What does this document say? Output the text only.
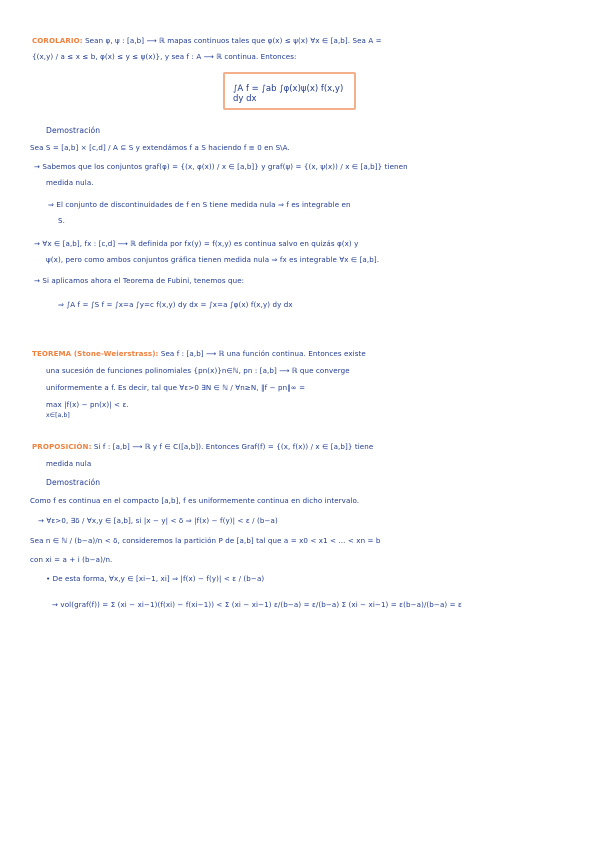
COROLARIO: Sean φ, ψ : [a,b] ⟶ ℝ mapas continuos tales que φ(x) ≤ ψ(x) ∀x ∈ [a,b]. Sea A =
{(x,y) / a ≤ x ≤ b, φ(x) ≤ y ≤ ψ(x)}, y sea f : A ⟶ ℝ continua. Entonces:
∫A f = ∫ab ∫φ(x)ψ(x) f(x,y) dy dx
Demostración
Sea S = [a,b] × [c,d] / A ⊆ S y extendámos f a S haciendo f ≡ 0 en S\A.
→ Sabemos que los conjuntos graf(φ) = {(x, φ(x)) / x ∈ [a,b]} y graf(ψ) = {(x, ψ(x)) / x ∈ [a,b]} tienen
medida nula.
⇒ El conjunto de discontinuidades de f en S tiene medida nula ⇒ f es integrable en
S.
→ ∀x ∈ [a,b], fx : [c,d] ⟶ ℝ definida por fx(y) = f(x,y) es continua salvo en quizás φ(x) y
ψ(x), pero como ambos conjuntos gráfica tienen medida nula ⇒ fx es integrable ∀x ∈ [a,b].
→ Si aplicamos ahora el Teorema de Fubini, tenemos que:
⇒ ∫A f = ∫S f = ∫x=a ∫y=c f(x,y) dy dx = ∫x=a ∫φ(x) f(x,y) dy dx
TEOREMA (Stone-Weierstrass): Sea f : [a,b] ⟶ ℝ una función continua. Entonces existe
una sucesión de funciones polinomiales {pn(x)}n∈ℕ, pn : [a,b] ⟶ ℝ que converge
uniformemente a f. Es decir, tal que ∀ε>0 ∃N ∈ ℕ / ∀n≥N, ‖f − pn‖∞ =
max |f(x) − pn(x)| < ε.
x∈[a,b]
PROPOSICIÓN: Si f : [a,b] ⟶ ℝ y f ∈ C([a,b]). Entonces Graf(f) = {(x, f(x)) / x ∈ [a,b]} tiene
medida nula
Demostración
Como f es continua en el compacto [a,b], f es uniformemente continua en dicho intervalo.
→ ∀ε>0, ∃δ / ∀x,y ∈ [a,b], si |x − y| < δ ⇒ |f(x) − f(y)| < ε / (b−a)
Sea n ∈ ℕ / (b−a)/n < δ, consideremos la partición P de [a,b] tal que a = x0 < x1 < ... < xn = b
con xi = a + i (b−a)/n.
• De esta forma, ∀x,y ∈ [xi−1, xi] ⇒ |f(x) − f(y)| < ε / (b−a)
→ vol(graf(f)) = Σ (xi − xi−1)(f(xi) − f(xi−1)) < Σ (xi − xi−1) ε/(b−a) = ε/(b−a) Σ (xi − xi−1) = ε(b−a)/(b−a) = ε
